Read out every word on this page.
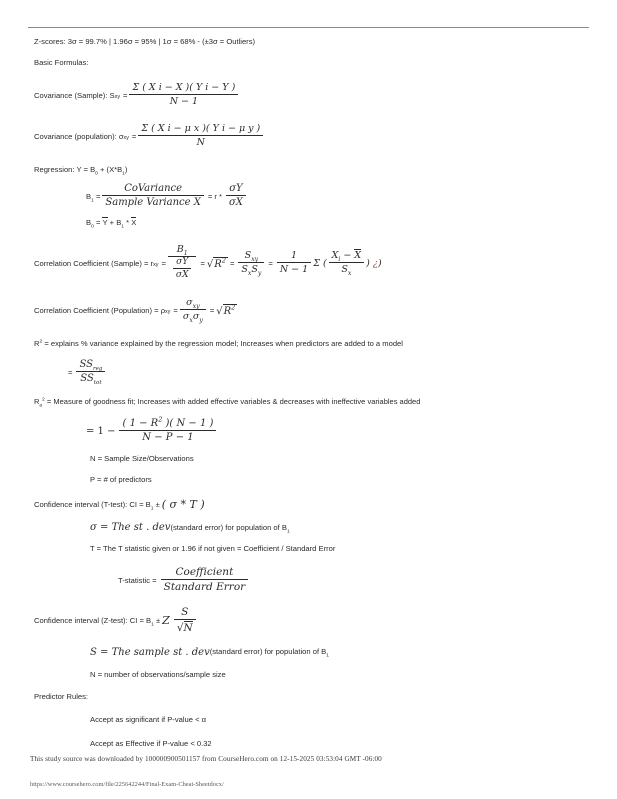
Z-scores: 3σ = 99.7% | 1.96σ = 95% | 1σ = 68% - (±3σ = Outliers)
Basic Formulas:
Covariance (Sample): S xy = $\frac{\text{Σ ( X i − X )( Y i − Y )}}{N - 1}$
Covariance (population): σ xy = $\frac{\text{Σ ( X i − μ x )( Y i − μ y )}}{N}$
Regression: $Y = B_0 + (X*B_1)$
$B_1 = \frac{\text{CoVariance}}{\text{Sample Variance X}} = r * \frac{\sigma Y}{\sigma X}$
$B_0 = Y + B_1 * X$
Correlation Coefficient (Sample) = r xy = $\frac{B_1}{\frac{\sigma Y}{\sigma X}} = √R^2 = \frac{S_{xy}}{S_xS_y} = \frac{1}{N - 1}$ Σ ( $\frac{X_i - X}{S_x}$ ) ¿)
Correlation Coefficient (Population) = ρ xy = $\frac{\sigma_{xy}}{\sigma_x\sigma_y} = √R^2$
$R^2$ = explains % variance explained by the regression model; Increases when predictors are added to a model
= $\frac{SS_{reg}}{SS_{tot}}$
$R_a^2$ = Measure of goodness fit; Increases with added effective variables & decreases with ineffective variables added
= $1 - \frac{( 1 - R^2 )( N - 1 )}{N - P - 1}$
N = Sample Size/Observations
P = # of predictors
Confidence interval (T-test): CI = $B_1$ ± ( σ * T )
σ = The st . dev (standard error) for population of $B_1$
T = The T statistic given or 1.96 if not given = Coefficient / Standard Error
T-statistic = $\frac{\text{Coefficient}}{\text{Standard Error}}$
Confidence interval (Z-test): CI = $B_1 \pm Z \frac{S}{√N}$
S = The sample st . dev (standard error) for population of $B_1$
N = number of observations/sample size
Predictor Rules:
Accept as significant if P-value < α
Accept as Effective if P-value < 0.32
This study source was downloaded by 100000900501157 from CourseHero.com on 12-15-2025 03:53:04 GMT -06:00
https://www.coursehero.com/file/225642244/Final-Exam-Cheat-Sheetdocx/
